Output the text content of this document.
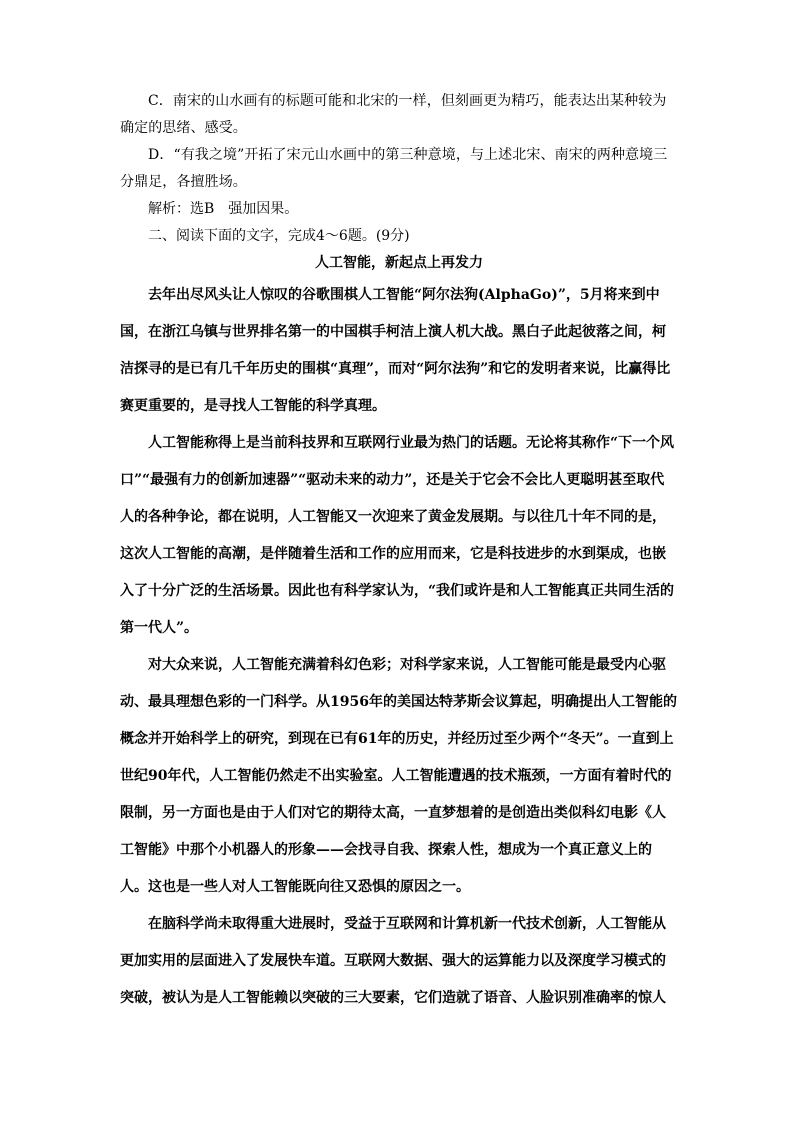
C．南宋的山水画有的标题可能和北宋的一样，但刻画更为精巧，能表达出某种较为确定的思绪、感受。

D．“有我之境”开拓了宋元山水画中的第三种意境，与上述北宋、南宋的两种意境三分鼎足，各擅胜场。

解析：选B　强加因果。

二、阅读下面的文字，完成4～6题。(9分)

人工智能，新起点上再发力

去年出尽风头让人惊叹的谷歌围棋人工智能“阿尔法狗(AlphaGo)”，5月将来到中国，在浙江乌镇与世界排名第一的中国棋手柯洁上演人机大战。黑白子此起彼落之间，柯洁探寻的是已有几千年历史的围棋“真理”，而对“阿尔法狗”和它的发明者来说，比赢得比赛更重要的，是寻找人工智能的科学真理。

人工智能称得上是当前科技界和互联网行业最为热门的话题。无论将其称作“下一个风口”“最强有力的创新加速器”“驱动未来的动力”，还是关于它会不会比人更聪明甚至取代人的各种争论，都在说明，人工智能又一次迎来了黄金发展期。与以往几十年不同的是，这次人工智能的高潮，是伴随着生活和工作的应用而来，它是科技进步的水到渠成，也嵌入了十分广泛的生活场景。因此也有科学家认为，“我们或许是和人工智能真正共同生活的第一代人”。

对大众来说，人工智能充满着科幻色彩；对科学家来说，人工智能可能是最受内心驱动、最具理想色彩的一门科学。从1956年的美国达特茅斯会议算起，明确提出人工智能的概念并开始科学上的研究，到现在已有61年的历史，并经历过至少两个“冬天”。一直到上世纪90年代，人工智能仍然走不出实验室。人工智能遭遇的技术瓶颈，一方面有着时代的限制，另一方面也是由于人们对它的期待太高，一直梦想着的是创造出类似科幻电影《人工智能》中那个小机器人的形象——会找寻自我、探索人性，想成为一个真正意义上的人。这也是一些人对人工智能既向往又恐惧的原因之一。

在脑科学尚未取得重大进展时，受益于互联网和计算机新一代技术创新，人工智能从更加实用的层面进入了发展快车道。互联网大数据、强大的运算能力以及深度学习模式的突破，被认为是人工智能赖以突破的三大要素，它们造就了语音、人脸识别准确率的惊人
